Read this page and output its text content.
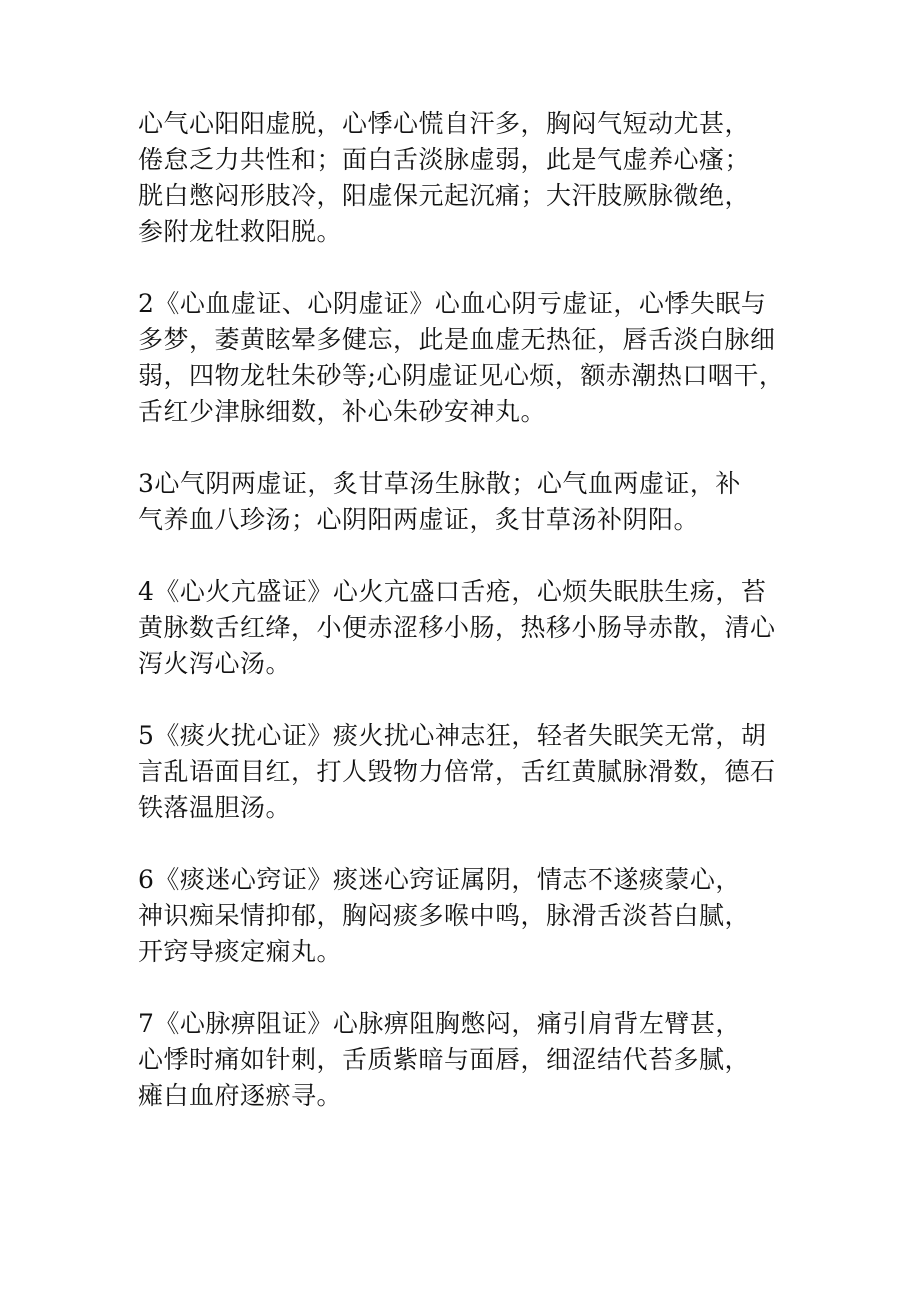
心气心阳阳虚脱，心悸心慌自汗多，胸闷气短动尤甚，
倦怠乏力共性和；面白舌淡脉虚弱，此是气虚养心瘙；
胱白憋闷形肢冷，阳虚保元起沉痛；大汗肢厥脉微绝，
参附龙牡救阳脱。

2《心血虚证、心阴虚证》心血心阴亏虚证，心悸失眠与
多梦，萎黄眩晕多健忘，此是血虚无热征，唇舌淡白脉细
弱，四物龙牡朱砂等;心阴虚证见心烦，额赤潮热口咽干，
舌红少津脉细数，补心朱砂安神丸。

3心气阴两虚证，炙甘草汤生脉散；心气血两虚证，补
气养血八珍汤；心阴阳两虚证，炙甘草汤补阴阳。

4《心火亢盛证》心火亢盛口舌疮，心烦失眠肤生疡，苔
黄脉数舌红绛，小便赤涩移小肠，热移小肠导赤散，清心
泻火泻心汤。

5《痰火扰心证》痰火扰心神志狂，轻者失眠笑无常，胡
言乱语面目红，打人毁物力倍常，舌红黄腻脉滑数，德石
铁落温胆汤。

6《痰迷心窍证》痰迷心窍证属阴，情志不遂痰蒙心，
神识痴呆情抑郁，胸闷痰多喉中鸣，脉滑舌淡苔白腻，
开窍导痰定痫丸。

7《心脉痹阻证》心脉痹阻胸憋闷，痛引肩背左臂甚，
心悸时痛如针刺，舌质紫暗与面唇，细涩结代苔多腻，
瘫白血府逐瘀寻。
